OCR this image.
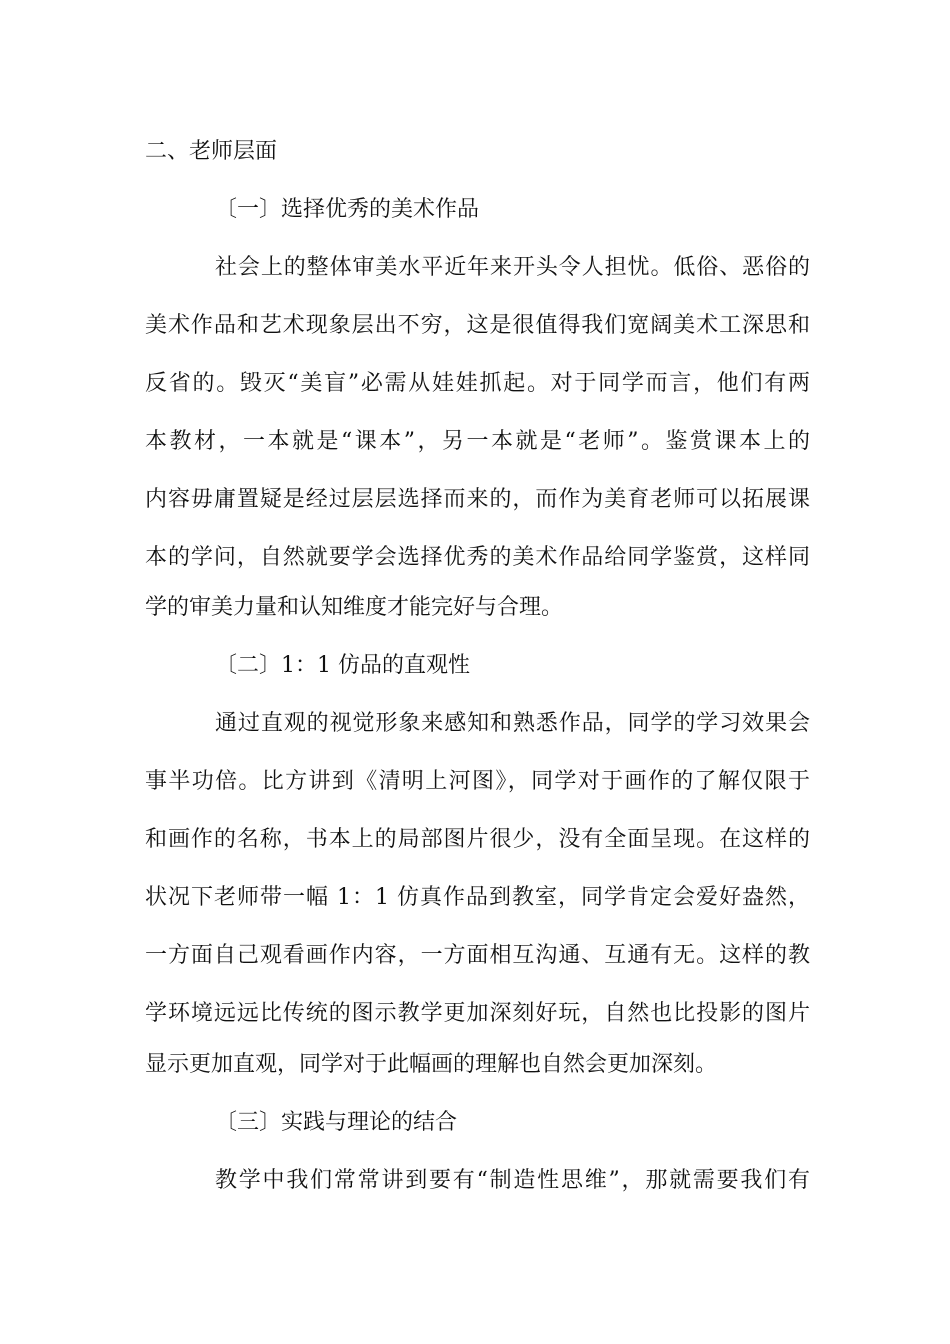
二、老师层面
〔一〕选择优秀的美术作品
社会上的整体审美水平近年来开头令人担忧。低俗、恶俗的
美术作品和艺术现象层出不穷，这是很值得我们宽阔美术工深思和
反省的。毁灭“美盲”必需从娃娃抓起。对于同学而言，他们有两
本教材，一本就是“课本”，另一本就是“老师”。鉴赏课本上的
内容毋庸置疑是经过层层选择而来的，而作为美育老师可以拓展课
本的学问，自然就要学会选择优秀的美术作品给同学鉴赏，这样同
学的审美力量和认知维度才能完好与合理。
〔二〕1：1 仿品的直观性
通过直观的视觉形象来感知和熟悉作品，同学的学习效果会
事半功倍。比方讲到《清明上河图》，同学对于画作的了解仅限于
和画作的名称，书本上的局部图片很少，没有全面呈现。在这样的
状况下老师带一幅 1：1 仿真作品到教室，同学肯定会爱好盎然，
一方面自己观看画作内容，一方面相互沟通、互通有无。这样的教
学环境远远比传统的图示教学更加深刻好玩，自然也比投影的图片
显示更加直观，同学对于此幅画的理解也自然会更加深刻。
〔三〕实践与理论的结合
教学中我们常常讲到要有“制造性思维”，那就需要我们有
